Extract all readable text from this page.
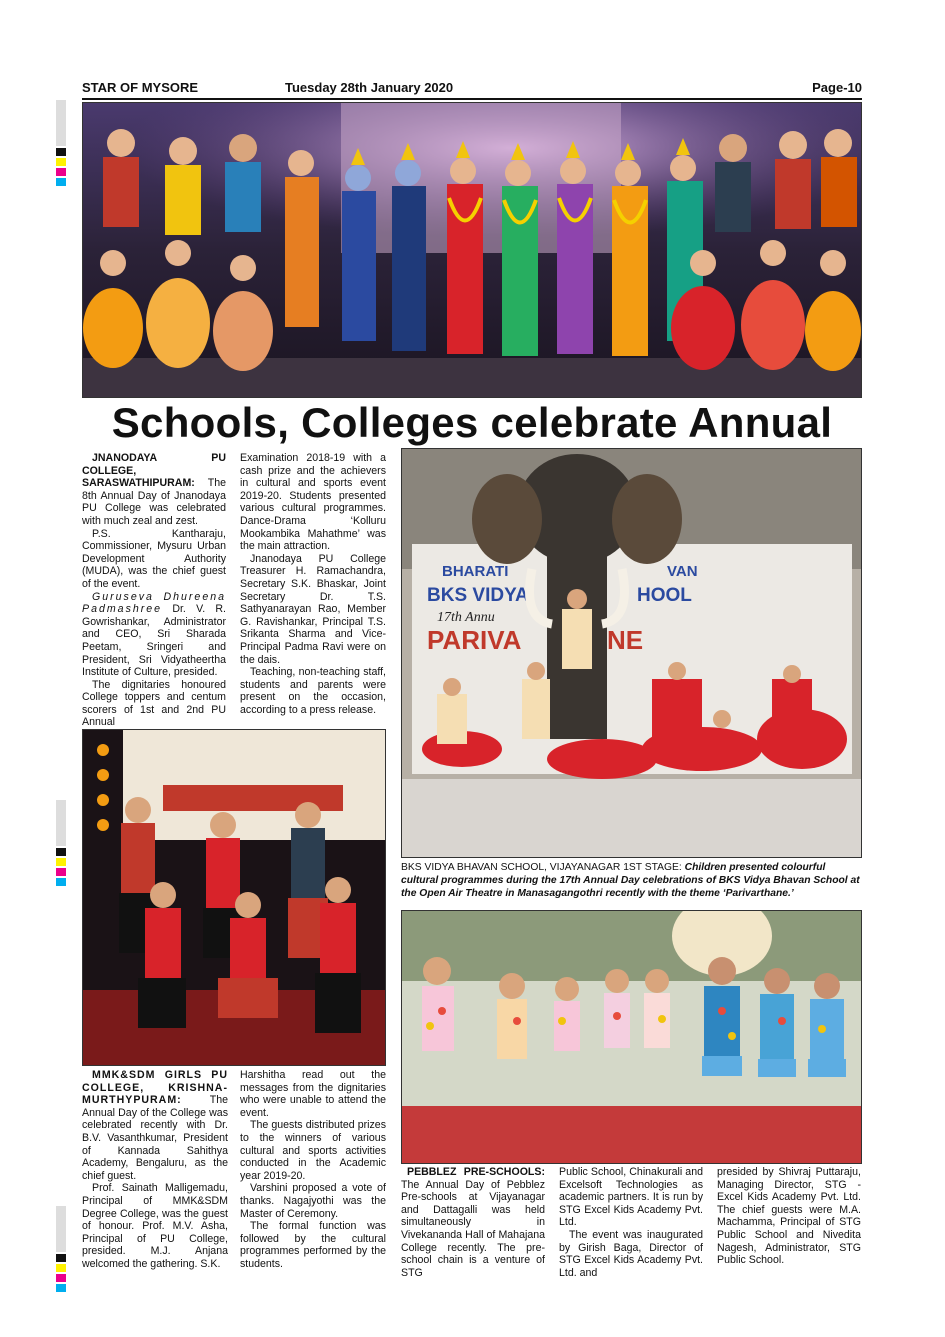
STAR OF MYSORE	Tuesday 28th January 2020	Page-10
Schools, Colleges celebrate Annual

JNANODAYA PU COLLEGE, SARASWATHIPURAM: The 8th Annual Day of Jnanodaya PU College was celebrated with much zeal and zest.

P.S. Kantharaju, Commissioner, Mysuru Urban Development Authority (MUDA), was the chief guest of the event.

Guruseva Dhureena Padmashree Dr. V. R. Gowrishankar, Administrator and CEO, Sri Sharada Peetam, Sringeri and President, Sri Vidyatheertha Institute of Culture, presided.

The dignitaries honoured College toppers and centum scorers of 1st and 2nd PU Annual

Examination 2018-19 with a cash prize and the achievers in cultural and sports event 2019-20. Students presented various cultural programmes. Dance-Drama ‘Kolluru Mookambika Mahathme’ was the main attraction.

Jnanodaya PU College Treasurer H. Ramachandra, Secretary S.K. Bhaskar, Joint Secretary Dr. T.S. Sathyanarayan Rao, Member G. Ravishankar, Principal T.S. Srikanta Sharma and Vice-Principal Padma Ravi were on the dais.

Teaching, non-teaching staff, students and parents were present on the occasion, according to a press release.

BHARATI	VAN
BKS VIDYA	HOOL
17th Annu
PARIVA	NE
BKS VIDYA BHAVAN SCHOOL, VIJAYANAGAR 1ST STAGE: Children presented colourful cultural programmes during the 17th Annual Day celebrations of BKS Vidya Bhavan School at the Open Air Theatre in Manasagangothri recently with the theme ‘Parivarthane.’

MMK&SDM GIRLS PU COLLEGE, KRISHNA-MURTHYPURAM:	The Annual Day of the College was celebrated recently with Dr. B.V. Vasanthkumar, President of Kannada Sahithya Academy, Bengaluru, as the chief guest.

Prof. Sainath Malligemadu, Principal of MMK&SDM Degree College, was the guest of honour. Prof. M.V. Asha, Principal of PU College, presided. M.J. Anjana welcomed the gathering. S.K.

Harshitha read out the messages from the dignitaries who were unable to attend the event.

The guests distributed prizes to the winners of various cultural and sports activities conducted in the Academic year 2019-20.

Varshini proposed a vote of thanks. Nagajyothi was the Master of Ceremony.

The formal function was followed by the cultural programmes performed by the students.

PEBBLEZ PRE-SCHOOLS: The Annual Day of Pebblez Pre-schools at Vijayanagar and Dattagalli was held simultaneously in Vivekananda Hall of Mahajana College recently. The pre-school chain is a venture of STG

Public School, Chinakurali and Excelsoft Technologies as academic partners. It is run by STG Excel Kids Academy Pvt. Ltd.

The event was inaugurated by Girish Baga, Director of STG Excel Kids Academy Pvt. Ltd. and

presided by Shivraj Puttaraju, Managing Director, STG - Excel Kids Academy Pvt. Ltd. The chief guests were M.A. Machamma, Principal of STG Public School and Nivedita Nagesh, Administrator, STG Public School.
